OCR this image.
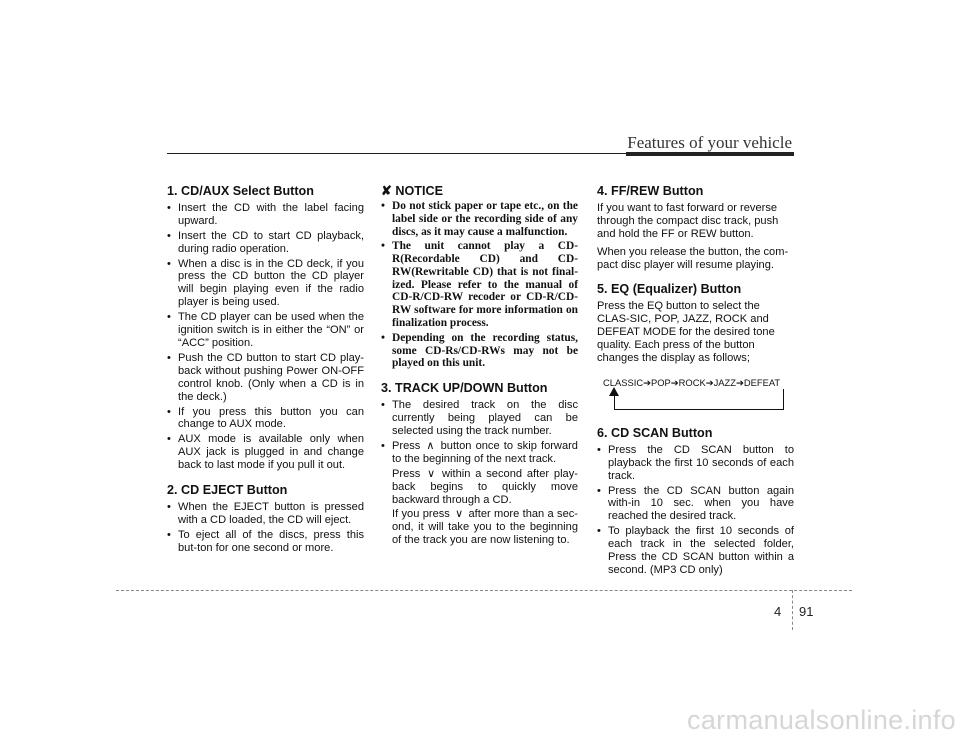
Features of your vehicle
1. CD/AUX Select Button
• Insert the CD with the label facing upward.
• Insert the CD to start CD playback, during radio operation.
• When a disc is in the CD deck, if you press the CD button the CD player will begin playing even if the radio player is being used.
• The CD player can be used when the ignition switch is in either the “ON” or “ACC” position.
• Push the CD button to start CD play-back without pushing Power ON-OFF control knob. (Only when a CD is in the deck.)
• If you press this button you can change to AUX mode.
• AUX mode is available only when AUX jack is plugged in and change back to last mode if you pull it out.
2. CD EJECT Button
• When the EJECT button is pressed with a CD loaded, the CD will eject.
• To eject all of the discs, press this but-ton for one second or more.
✘ NOTICE
• Do not stick paper or tape etc., on the label side or the recording side of any discs, as it may cause a malfunction.
• The unit cannot play a CD-R(Recordable CD) and CD-RW(Rewritable CD) that is not final-ized. Please refer to the manual of CD-R/CD-RW recoder or CD-R/CD-RW software for more information on finalization process.
• Depending on the recording status, some CD-Rs/CD-RWs may not be played on this unit.
3. TRACK UP/DOWN Button
• The desired track on the disc currently being played can be selected using the track number.
• Press ∧ button once to skip forward to the beginning of the next track.

Press ∨ within a second after play-back begins to quickly move backward through a CD.

If you press ∨ after more than a sec-ond, it will take you to the beginning of the track you are now listening to.

4. FF/REW Button

If you want to fast forward or reverse through the compact disc track, push and hold the FF or REW button.

When you release the button, the com-pact disc player will resume playing.

5. EQ (Equalizer) Button

Press the EQ button to select the CLAS-SIC, POP, JAZZ, ROCK and DEFEAT MODE for the desired tone quality. Each press of the button changes the display as follows;

CLASSIC➔POP➔ROCK➔JAZZ➔DEFEAT
6. CD SCAN Button
• Press the CD SCAN button to playback the first 10 seconds of each track.
• Press the CD SCAN button again with-in 10 sec. when you have reached the desired track.
• To playback the first 10 seconds of each track in the selected folder, Press the CD SCAN button within a second. (MP3 CD only)
4 91
carmanualsonline.info
